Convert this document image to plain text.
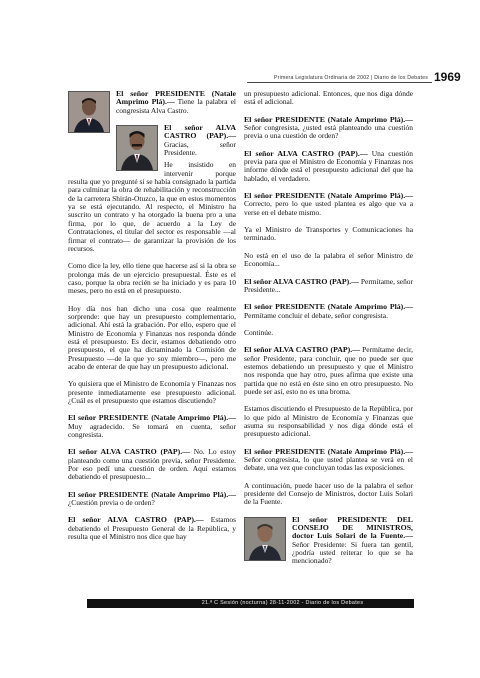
Primera Legislatura Ordinaria de 2002 | Diario de los Debates 1969

El señor PRESIDENTE (Natale Amprimo Plá).— Tiene la palabra el congresista Alva Castro.

El señor ALVA CASTRO (PAP).— Gracias, señor Presidente.

He insistido en intervenir porque resulta que yo pregunté si se había consignado la partida para culminar la obra de rehabilitación y reconstrucción de la carretera Shirán-Otuzco, la que en estos momentos ya se está ejecutando. Al respecto, el Ministro ha suscrito un contrato y ha otorgado la buena pro a una firma, por lo que, de acuerdo a la Ley de Contrataciones, el titular del sector es responsable —al firmar el contrato— de garantizar la provisión de los recursos.

Como dice la ley, ello tiene que hacerse así si la obra se prolonga más de un ejercicio presupuestal. Éste es el caso, porque la obra recién se ha iniciado y es para 10 meses, pero no está en el presupuesto.

Hoy día nos han dicho una cosa que realmente sorprende: que hay un presupuesto complementario, adicional. Ahí está la grabación. Por ello, espero que el Ministro de Economía y Finanzas nos responda dónde está el presupuesto. Es decir, estamos debatiendo otro presupuesto, el que ha dictaminado la Comisión de Presupuesto —de la que yo soy miembro—, pero me acabo de enterar de que hay un presupuesto adicional.

Yo quisiera que el Ministro de Economía y Finanzas nos presente inmediatamente ese presupuesto adicional. ¿Cuál es el presupuesto que estamos discutiendo?

El señor PRESIDENTE (Natale Amprimo Plá).— Muy agradecido. Se tomará en cuenta, señor congresista.

El señor ALVA CASTRO (PAP).— No. Lo estoy planteando como una cuestión previa, señor Presidente. Por eso pedí una cuestión de orden. Aquí estamos debatiendo el presupuesto...

El señor PRESIDENTE (Natale Amprimo Plá).— ¿Cuestión previa o de orden?

El señor ALVA CASTRO (PAP).— Estamos debatiendo el Presupuesto General de la República, y resulta que el Ministro nos dice que hay

un presupuesto adicional. Entonces, que nos diga dónde está el adicional.

El señor PRESIDENTE (Natale Amprimo Plá).— Señor congresista, ¿usted está planteando una cuestión previa o una cuestión de orden?

El señor ALVA CASTRO (PAP).— Una cuestión previa para que el Ministro de Economía y Finanzas nos informe dónde está el presupuesto adicional del que ha hablado, el verdadero.

El señor PRESIDENTE (Natale Amprimo Plá).— Correcto, pero lo que usted plantea es algo que va a verse en el debate mismo.

Ya el Ministro de Transportes y Comunicaciones ha terminado.

No está en el uso de la palabra el señor Ministro de Economía...

El señor ALVA CASTRO (PAP).— Permítame, señor Presidente...

El señor PRESIDENTE (Natale Amprimo Plá).— Permítame concluir el debate, señor congresista.

Continúe.

El señor ALVA CASTRO (PAP).— Permítame decir, señor Presidente, para concluir, que no puede ser que estemos debatiendo un presupuesto y que el Ministro nos responda que hay otro, pues afirma que existe una partida que no está en éste sino en otro presupuesto. No puede ser así, esto no es una broma.

Estamos discutiendo el Presupuesto de la República, por lo que pido al Ministro de Economía y Finanzas que asuma su responsabilidad y nos diga dónde está el presupuesto adicional.

El señor PRESIDENTE (Natale Amprimo Plá).— Señor congresista, lo que usted plantea se verá en el debate, una vez que concluyan todas las exposiciones.

A continuación, puede hacer uso de la palabra el señor presidente del Consejo de Ministros, doctor Luis Solari de la Fuente.

El señor PRESIDENTE DEL CONSEJO DE MINISTROS, doctor Luis Solari de la Fuente.— Señor Presidente: Si fuera tan gentil, ¿podría usted reiterar lo que se ha mencionado?

21.ª C Sesión (nocturna) 28-11-2002 - Diario de los Debates
